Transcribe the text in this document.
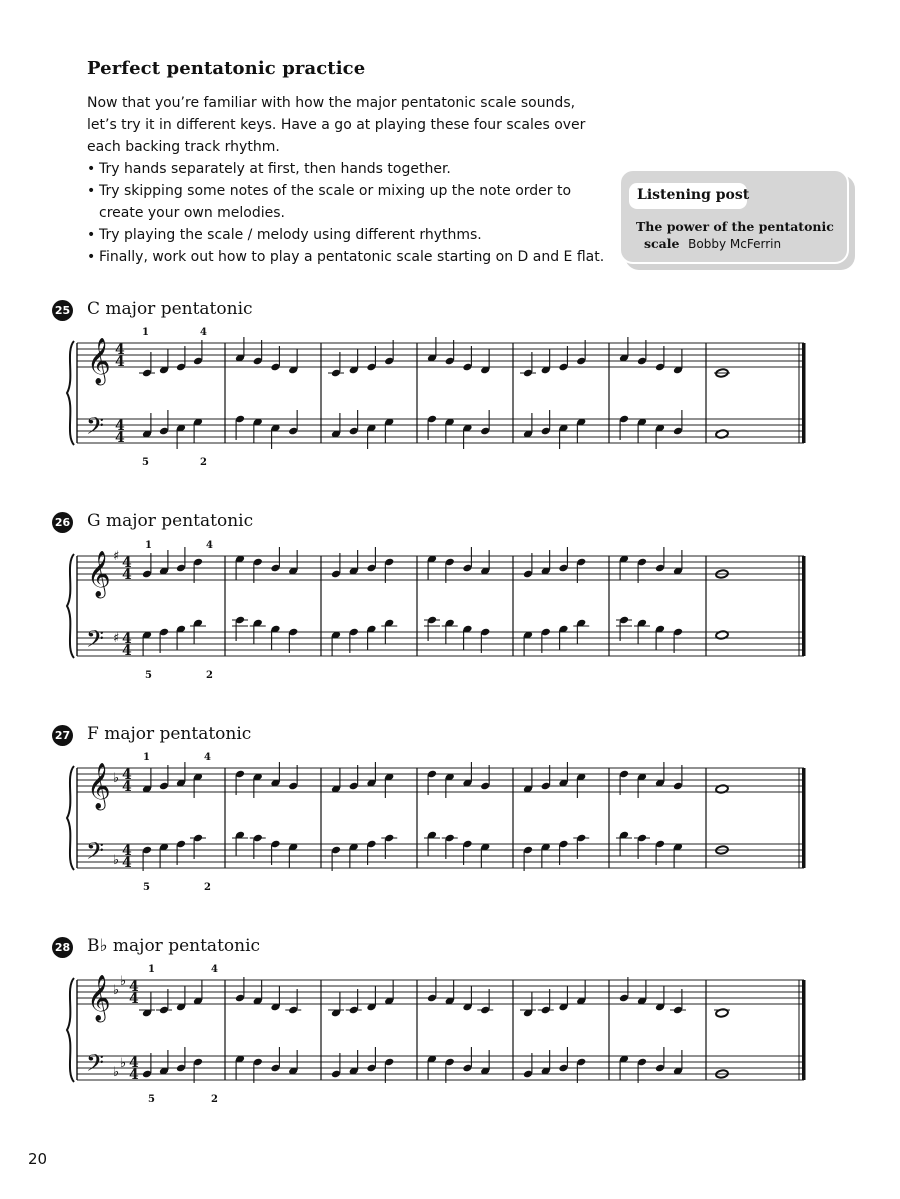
Perfect pentatonic practice

Now that you’re familiar with how the major pentatonic scale sounds, let’s try it in different keys. Have a go at playing these four scales over each backing track rhythm.

• Try hands separately at first, then hands together.
• Try skipping some notes of the scale or mixing up the note order to create your own melodies.
• Try playing the scale / melody using different rhythms.
• Finally, work out how to play a pentatonic scale starting on D and E flat.
Listening post
The power of the pentatonic
scale Bobby McFerrin
25 C major pentatonic
26 G major pentatonic
27 F major pentatonic
28 B♭ major pentatonic
𝄞 4
4
𝄢 4
4
1	4
5	2
𝄞 ♯ 4
4
𝄢 ♯ 4
4
1	4
5	2
𝄞 ♭ 4
4
𝄢 ♭
4
4
1	4
5	2
𝄞 ♭
♭ 4
4
𝄢 ♭
♭ 4
4
1	4
5	2
20
